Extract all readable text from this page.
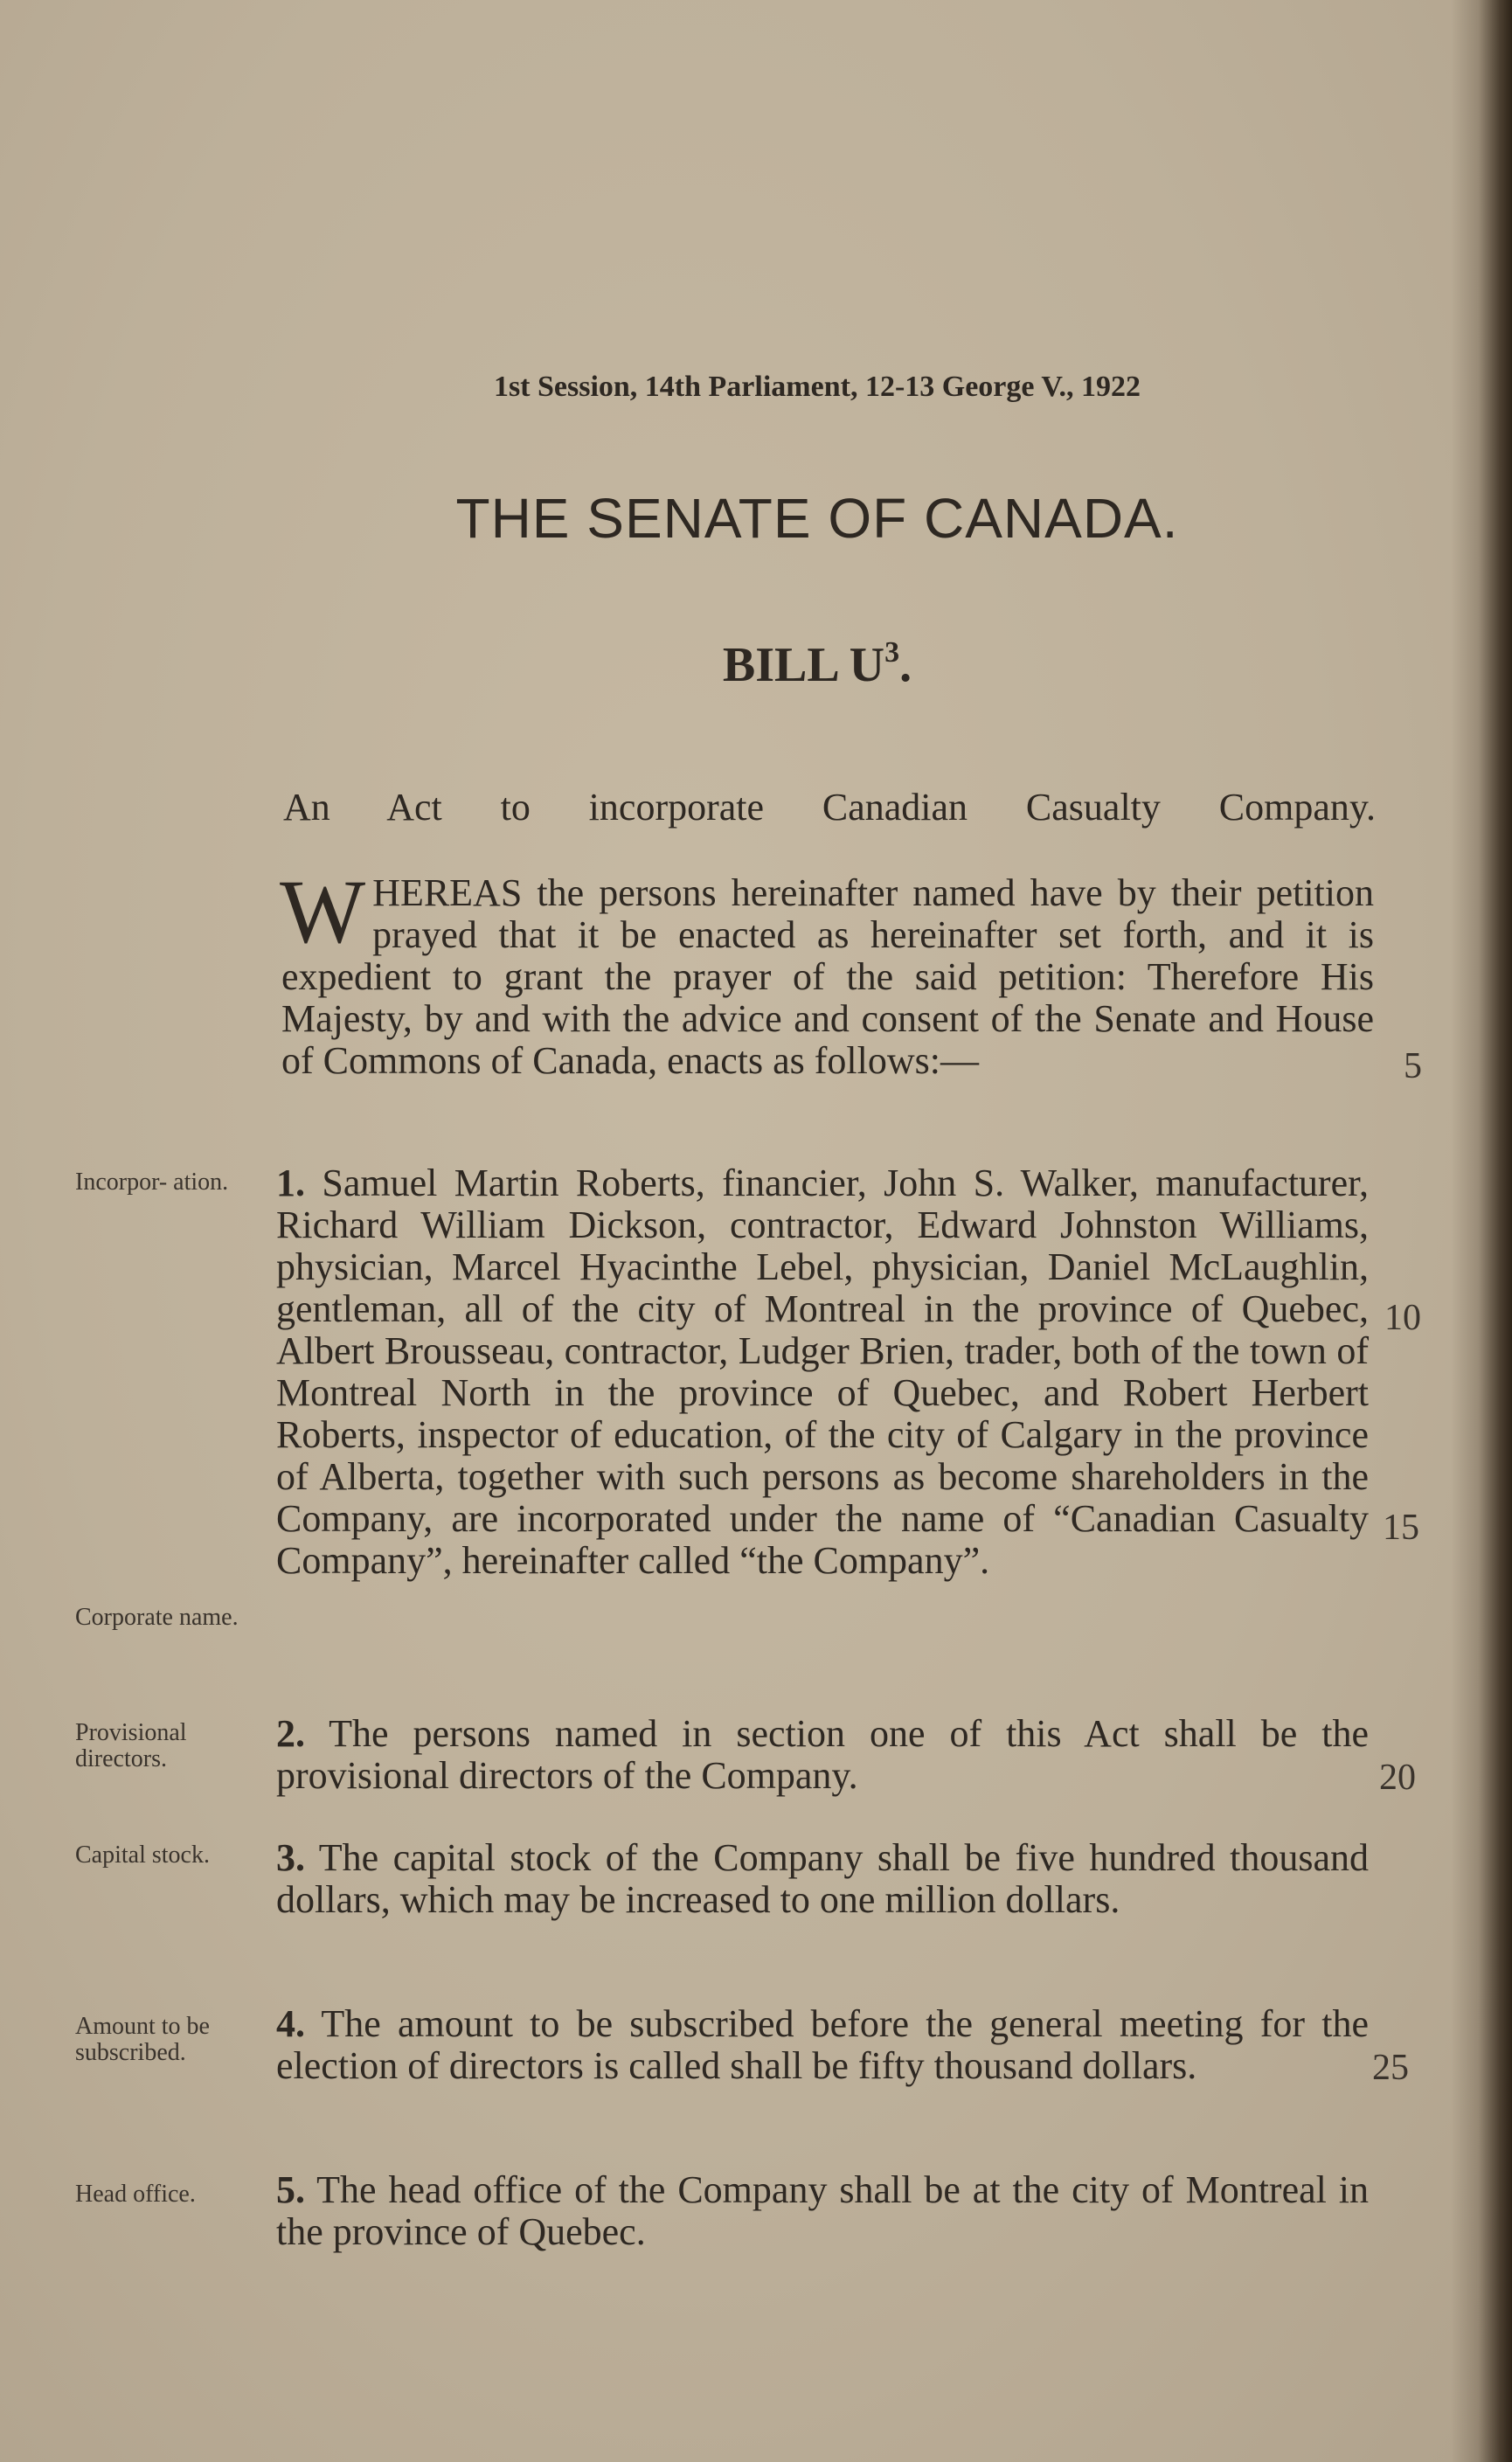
1st Session, 14th Parliament, 12-13 George V., 1922
THE SENATE OF CANADA.
BILL $U^3$.
An Act to incorporate Canadian Casualty Company.
WHEREAS the persons hereinafter named have by their petition prayed that it be enacted as hereinafter set forth, and it is expedient to grant the prayer of the said petition: Therefore His Majesty, by and with the advice and consent of the Senate and House of Commons of Canada, enacts as follows:—
1. Samuel Martin Roberts, financier, John S. Walker, manufacturer, Richard William Dickson, contractor, Edward Johnston Williams, physician, Marcel Hyacinthe Lebel, physician, Daniel McLaughlin, gentleman, all of the city of Montreal in the province of Quebec, Albert Brousseau, contractor, Ludger Brien, trader, both of the town of Montreal North in the province of Quebec, and Robert Herbert Roberts, inspector of education, of the city of Calgary in the province of Alberta, together with such persons as become shareholders in the Company, are incorporated under the name of “Canadian Casualty Company”, hereinafter called “the Company”.
2. The persons named in section one of this Act shall be the provisional directors of the Company.
3. The capital stock of the Company shall be five hundred thousand dollars, which may be increased to one million dollars.
4. The amount to be subscribed before the general meeting for the election of directors is called shall be fifty thousand dollars.
5. The head office of the Company shall be at the city of Montreal in the province of Quebec.
Incorpor- ation.
Corporate name.
Provisional directors.
Capital stock.
Amount to be subscribed.
Head office.
5
10
15
20
25
